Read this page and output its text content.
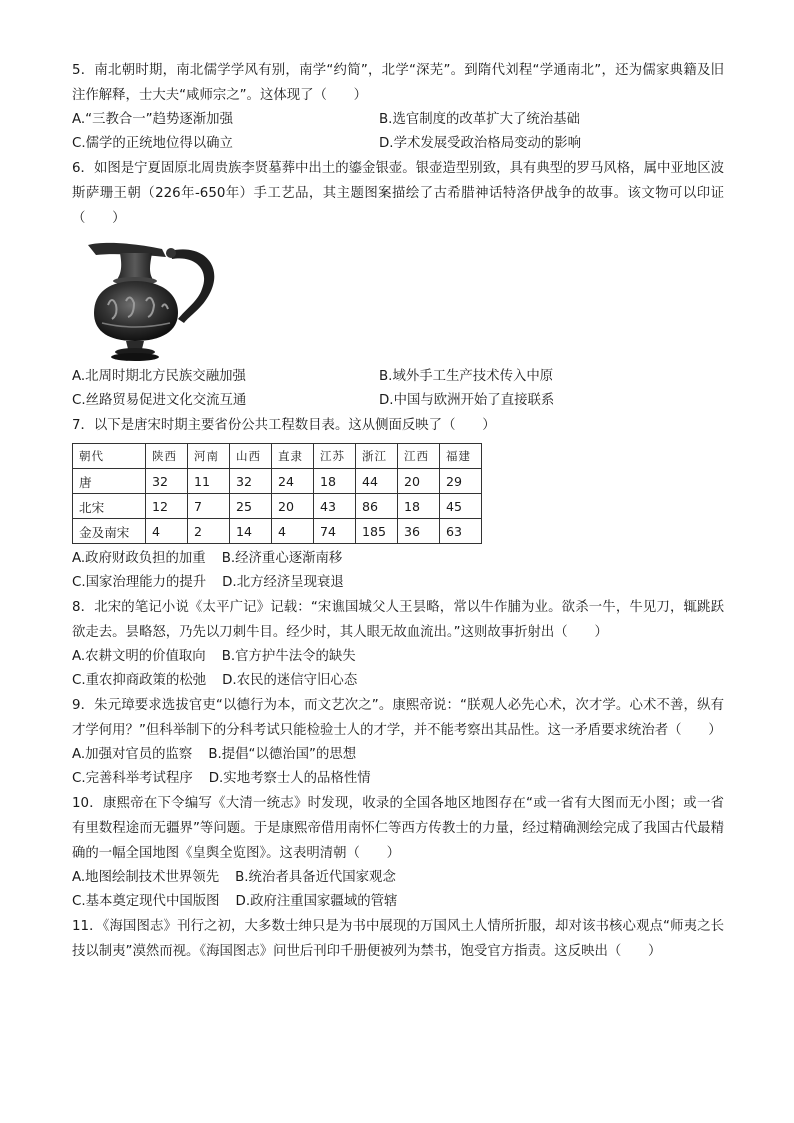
5．南北朝时期，南北儒学学风有别，南学“约简”，北学“深芜”。到隋代刘程“学通南北”，还为儒家典籍及旧注作解释，士大夫“咸师宗之”。这体现了（　　）

A.“三教合一”趋势逐渐加强	B.选官制度的改革扩大了统治基础
C.儒学的正统地位得以确立	D.学术发展受政治格局变动的影响

6．如图是宁夏固原北周贵族李贤墓葬中出土的鎏金银壶。银壶造型别致，具有典型的罗马风格，属中亚地区波斯萨珊王朝（226年-650年）手工艺品，其主题图案描绘了古希腊神话特洛伊战争的故事。该文物可以印证（　　）

A.北周时期北方民族交融加强	B.域外手工生产技术传入中原
C.丝路贸易促进文化交流互通	D.中国与欧洲开始了直接联系

7．以下是唐宋时期主要省份公共工程数目表。这从侧面反映了（　　）

朝代	陕西	河南	山西	直隶	江苏	浙江	江西	福建
唐	32	11	32	24	18	44	20	29
北宋	12	7	25	20	43	86	18	45
金及南宋	4	2	14	4	74	185	36	63
A.政府财政负担的加重 B.经济重心逐渐南移
C.国家治理能力的提升 D.北方经济呈现衰退

8．北宋的笔记小说《太平广记》记载：“宋谯国城父人王昙略，常以牛作脯为业。欲杀一牛，牛见刀，辄跳跃欲走去。昙略怒，乃先以刀刺牛目。经少时，其人眼无故血流出。”这则故事折射出（　　）

A.农耕文明的价值取向 B.官方护牛法令的缺失
C.重农抑商政策的松弛 D.农民的迷信守旧心态

9．朱元璋要求选拔官吏“以德行为本，而文艺次之”。康熙帝说：“朕观人必先心术，次才学。心术不善，纵有才学何用？”但科举制下的分科考试只能检验士人的才学，并不能考察出其品性。这一矛盾要求统治者（　　）

A.加强对官员的监察 B.提倡“以德治国”的思想
C.完善科举考试程序 D.实地考察士人的品格性情

10．康熙帝在下令编写《大清一统志》时发现，收录的全国各地区地图存在“或一省有大图而无小图；或一省有里数程途而无疆界”等问题。于是康熙帝借用南怀仁等西方传教士的力量，经过精确测绘完成了我国古代最精确的一幅全国地图《皇舆全览图》。这表明清朝（　　）

A.地图绘制技术世界领先 B.统治者具备近代国家观念
C.基本奠定现代中国版图 D.政府注重国家疆域的管辖

11．《海国图志》刊行之初，大多数士绅只是为书中展现的万国风土人情所折服，却对该书核心观点“师夷之长技以制夷”漠然而视。《海国图志》问世后刊印千册便被列为禁书，饱受官方指责。这反映出（　　）
